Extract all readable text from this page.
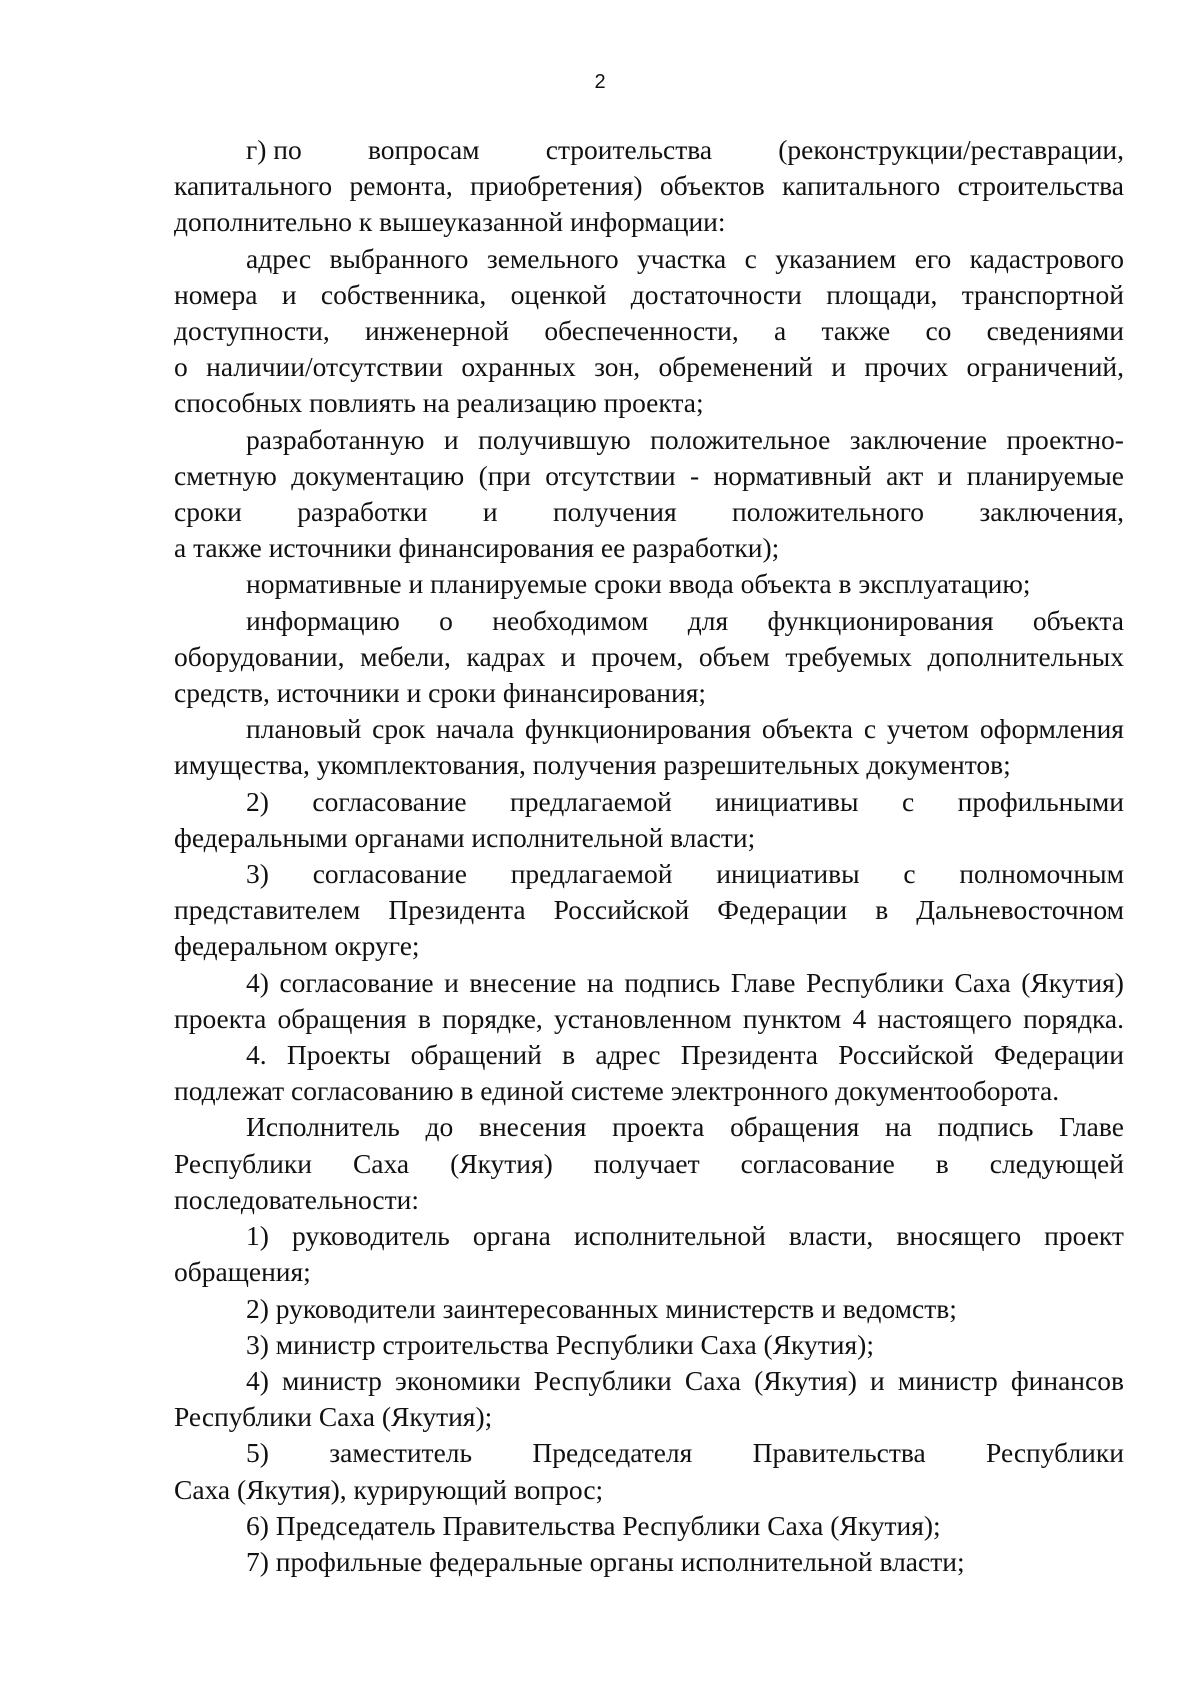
2
г) по вопросам строительства (реконструкции/реставрации,
капитального ремонта, приобретения) объектов капитального строительства
дополнительно к вышеуказанной информации:
адрес выбранного земельного участка с указанием его кадастрового
номера и собственника, оценкой достаточности площади, транспортной
доступности, инженерной обеспеченности, а также со сведениями
о наличии/отсутствии охранных зон, обременений и прочих ограничений,
способных повлиять на реализацию проекта;
разработанную и получившую положительное заключение проектно-
сметную документацию (при отсутствии - нормативный акт и планируемые
сроки разработки и получения положительного заключения,
а также источники финансирования ее разработки);
нормативные и планируемые сроки ввода объекта в эксплуатацию;
информацию о необходимом для функционирования объекта
оборудовании, мебели, кадрах и прочем, объем требуемых дополнительных
средств, источники и сроки финансирования;
плановый срок начала функционирования объекта с учетом оформления
имущества, укомплектования, получения разрешительных документов;
2) согласование предлагаемой инициативы с профильными
федеральными органами исполнительной власти;
3) согласование предлагаемой инициативы с полномочным
представителем Президента Российской Федерации в Дальневосточном
федеральном округе;
4) согласование и внесение на подпись Главе Республики Саха (Якутия)
проекта обращения в порядке, установленном пунктом 4 настоящего порядка.
4. Проекты обращений в адрес Президента Российской Федерации
подлежат согласованию в единой системе электронного документооборота.
Исполнитель до внесения проекта обращения на подпись Главе
Республики Саха (Якутия) получает согласование в следующей
последовательности:
1) руководитель органа исполнительной власти, вносящего проект
обращения;
2) руководители заинтересованных министерств и ведомств;
3) министр строительства Республики Саха (Якутия);
4) министр экономики Республики Саха (Якутия) и министр финансов
Республики Саха (Якутия);
5) заместитель Председателя Правительства Республики
Саха (Якутия), курирующий вопрос;
6) Председатель Правительства Республики Саха (Якутия);
7) профильные федеральные органы исполнительной власти;
